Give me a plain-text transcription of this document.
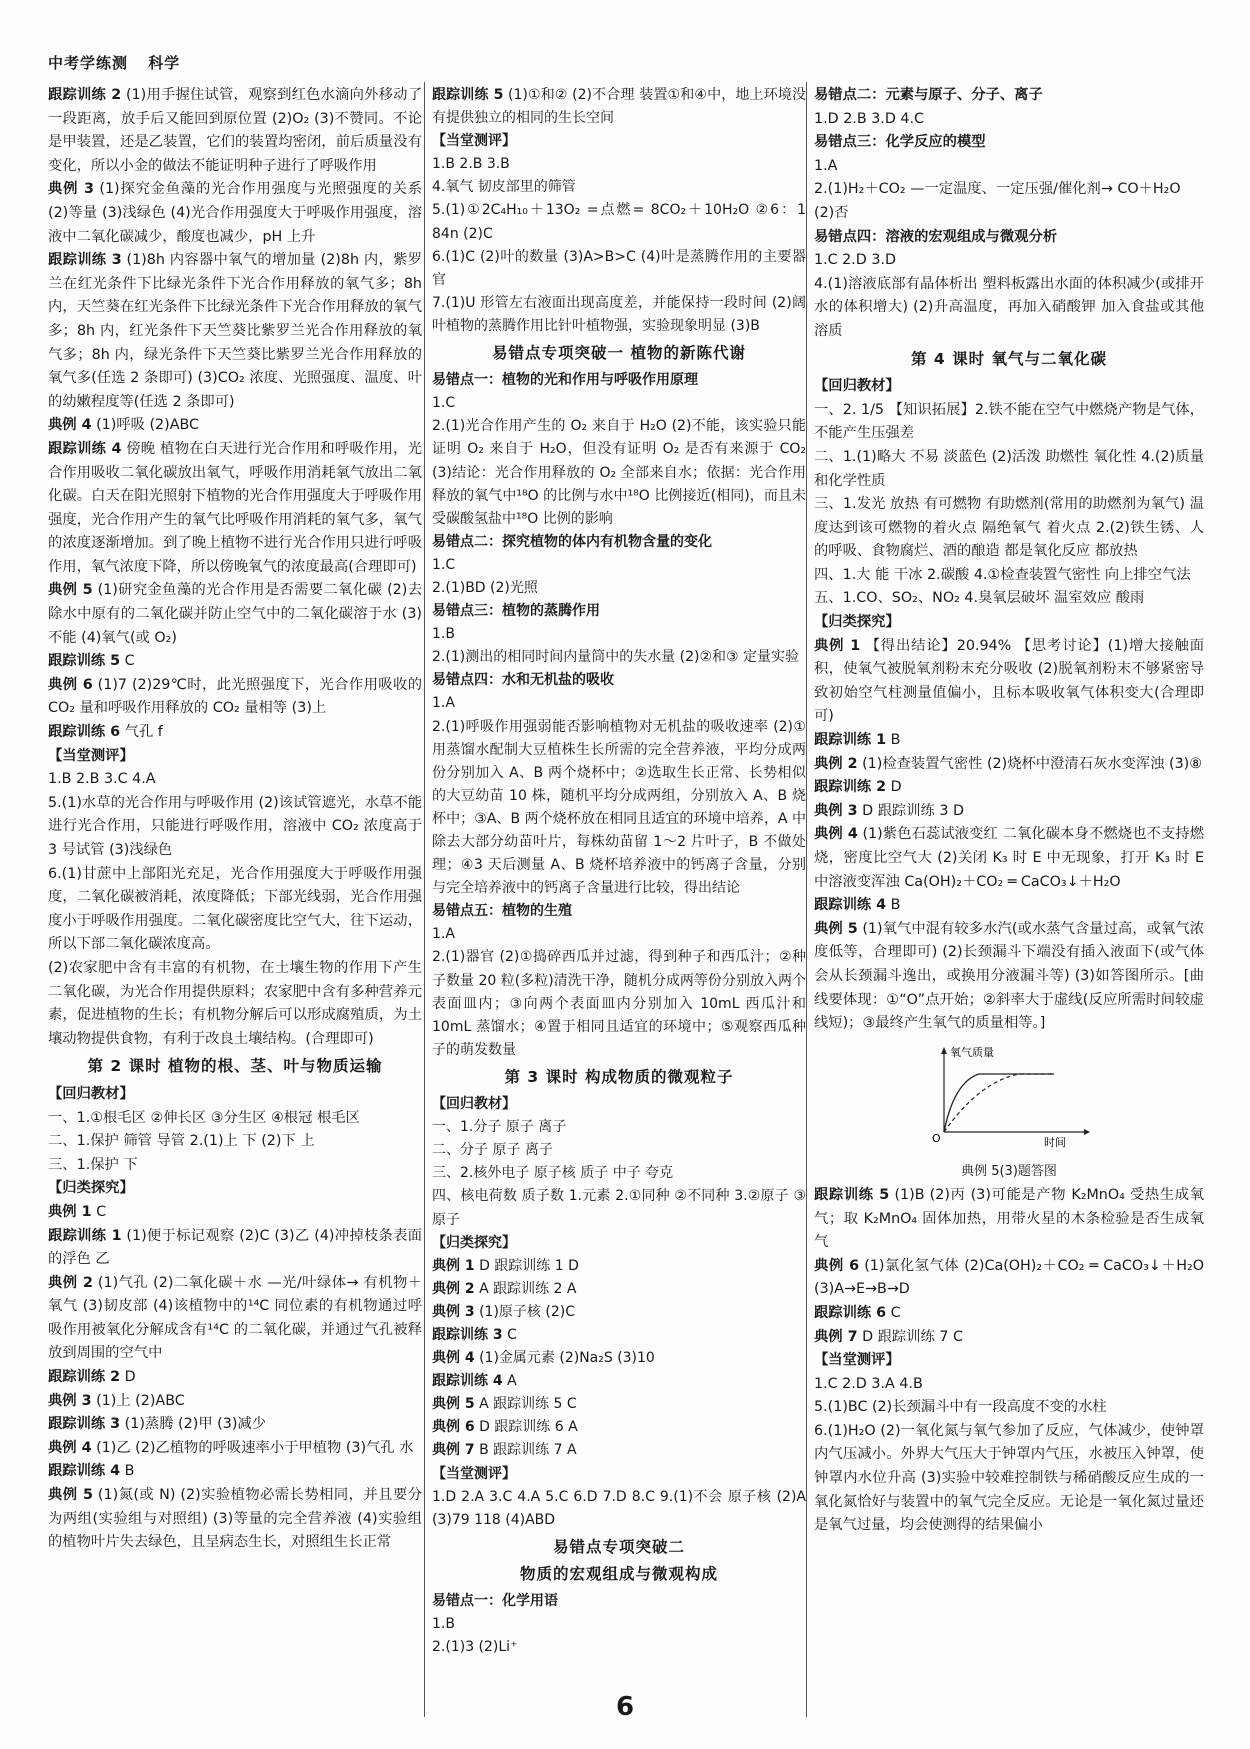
中考学练测 科学
跟踪训练 2 (1)用手握住试管，观察到红色水滴向外移动了一段距离，放手后又能回到原位置 (2)O₂ (3)不赞同。不论是甲装置，还是乙装置，它们的装置均密闭，前后质量没有变化，所以小金的做法不能证明种子进行了呼吸作用
典例 3 (1)探究金鱼藻的光合作用强度与光照强度的关系 (2)等量 (3)浅绿色 (4)光合作用强度大于呼吸作用强度，溶液中二氧化碳减少，酸度也减少，pH 上升
跟踪训练 3 (1)8h 内容器中氧气的增加量 (2)8h 内，紫罗兰在红光条件下比绿光条件下光合作用释放的氧气多；8h 内，天竺葵在红光条件下比绿光条件下光合作用释放的氧气多；8h 内，红光条件下天竺葵比紫罗兰光合作用释放的氧气多；8h 内，绿光条件下天竺葵比紫罗兰光合作用释放的氧气多(任选 2 条即可) (3)CO₂ 浓度、光照强度、温度、叶的幼嫩程度等(任选 2 条即可)
典例 4 (1)呼吸 (2)ABC
跟踪训练 4 傍晚 植物在白天进行光合作用和呼吸作用，光合作用吸收二氧化碳放出氧气，呼吸作用消耗氧气放出二氧化碳。白天在阳光照射下植物的光合作用强度大于呼吸作用强度，光合作用产生的氧气比呼吸作用消耗的氧气多，氧气的浓度逐渐增加。到了晚上植物不进行光合作用只进行呼吸作用，氧气浓度下降，所以傍晚氧气的浓度最高(合理即可)
典例 5 (1)研究金鱼藻的光合作用是否需要二氧化碳 (2)去除水中原有的二氧化碳并防止空气中的二氧化碳溶于水 (3)不能 (4)氧气(或 O₂)
跟踪训练 5 C
典例 6 (1)7 (2)29℃时，此光照强度下，光合作用吸收的 CO₂ 量和呼吸作用释放的 CO₂ 量相等 (3)上
跟踪训练 6 气孔 f
【当堂测评】
1.B 2.B 3.C 4.A
5.(1)水草的光合作用与呼吸作用 (2)该试管遮光，水草不能进行光合作用，只能进行呼吸作用，溶液中 CO₂ 浓度高于 3 号试管 (3)浅绿色
6.(1)甘蔗中上部阳光充足，光合作用强度大于呼吸作用强度，二氧化碳被消耗，浓度降低；下部光线弱，光合作用强度小于呼吸作用强度。二氧化碳密度比空气大，往下运动，所以下部二氧化碳浓度高。
(2)农家肥中含有丰富的有机物，在土壤生物的作用下产生二氧化碳，为光合作用提供原料；农家肥中含有多种营养元素，促进植物的生长；有机物分解后可以形成腐殖质，为土壤动物提供食物，有利于改良土壤结构。(合理即可)
第 2 课时 植物的根、茎、叶与物质运输
【回归教材】
一、1.①根毛区 ②伸长区 ③分生区 ④根冠 根毛区
二、1.保护 筛管 导管 2.(1)上 下 (2)下 上
三、1.保护 下
【归类探究】
典例 1 C
跟踪训练 1 (1)便于标记观察 (2)C (3)乙 (4)冲掉枝条表面的浮色 乙
典例 2 (1)气孔 (2)二氧化碳＋水 —光/叶绿体→ 有机物＋氧气 (3)韧皮部 (4)该植物中的¹⁴C 同位素的有机物通过呼吸作用被氧化分解成含有¹⁴C 的二氧化碳，并通过气孔被释放到周围的空气中
跟踪训练 2 D
典例 3 (1)上 (2)ABC
跟踪训练 3 (1)蒸腾 (2)甲 (3)减少
典例 4 (1)乙 (2)乙植物的呼吸速率小于甲植物 (3)气孔 水
跟踪训练 4 B
典例 5 (1)氮(或 N) (2)实验植物必需长势相同，并且要分为两组(实验组与对照组) (3)等量的完全营养液 (4)实验组的植物叶片失去绿色，且呈病态生长，对照组生长正常
跟踪训练 5 (1)①和② (2)不合理 装置①和④中，地上环境没有提供独立的相同的生长空间
【当堂测评】
1.B 2.B 3.B
4.氧气 韧皮部里的筛管
5.(1)①2C₄H₁₀＋13O₂ =点燃= 8CO₂＋10H₂O ②6：1 84n (2)C
6.(1)C (2)叶的数量 (3)A>B>C (4)叶是蒸腾作用的主要器官
7.(1)U 形管左右液面出现高度差，并能保持一段时间 (2)阔叶植物的蒸腾作用比针叶植物强，实验现象明显 (3)B
易错点专项突破一 植物的新陈代谢
易错点一：植物的光和作用与呼吸作用原理
1.C
2.(1)光合作用产生的 O₂ 来自于 H₂O (2)不能，该实验只能证明 O₂ 来自于 H₂O，但没有证明 O₂ 是否有来源于 CO₂ (3)结论：光合作用释放的 O₂ 全部来自水；依据：光合作用释放的氧气中¹⁸O 的比例与水中¹⁸O 比例接近(相同)，而且未受碳酸氢盐中¹⁸O 比例的影响
易错点二：探究植物的体内有机物含量的变化
1.C
2.(1)BD (2)光照
易错点三：植物的蒸腾作用
1.B
2.(1)测出的相同时间内量筒中的失水量 (2)②和③ 定量实验
易错点四：水和无机盐的吸收
1.A
2.(1)呼吸作用强弱能否影响植物对无机盐的吸收速率 (2)①用蒸馏水配制大豆植株生长所需的完全营养液，平均分成两份分别加入 A、B 两个烧杯中；②选取生长正常、长势相似的大豆幼苗 10 株，随机平均分成两组，分别放入 A、B 烧杯中；③A、B 两个烧杯放在相同且适宜的环境中培养，A 中除去大部分幼苗叶片，每株幼苗留 1～2 片叶子，B 不做处理；④3 天后测量 A、B 烧杯培养液中的钙离子含量，分别与完全培养液中的钙离子含量进行比较，得出结论
易错点五：植物的生殖
1.A
2.(1)器官 (2)①捣碎西瓜并过滤，得到种子和西瓜汁；②种子数量 20 粒(多粒)清洗干净，随机分成两等份分别放入两个表面皿内；③向两个表面皿内分别加入 10mL 西瓜汁和 10mL 蒸馏水；④置于相同且适宜的环境中；⑤观察西瓜种子的萌发数量
第 3 课时 构成物质的微观粒子
【回归教材】
一、1.分子 原子 离子
二、分子 原子 离子
三、2.核外电子 原子核 质子 中子 夸克
四、核电荷数 质子数 1.元素 2.①同种 ②不同种 3.②原子 ③原子
【归类探究】
典例 1 D 跟踪训练 1 D
典例 2 A 跟踪训练 2 A
典例 3 (1)原子核 (2)C
跟踪训练 3 C
典例 4 (1)金属元素 (2)Na₂S (3)10
跟踪训练 4 A
典例 5 A 跟踪训练 5 C
典例 6 D 跟踪训练 6 A
典例 7 B 跟踪训练 7 A
【当堂测评】
1.D 2.A 3.C 4.A 5.C 6.D 7.D 8.C 9.(1)不会 原子核 (2)A (3)79 118 (4)ABD
易错点专项突破二
物质的宏观组成与微观构成
易错点一：化学用语
1.B
2.(1)3 (2)Li⁺
易错点二：元素与原子、分子、离子
1.D 2.B 3.D 4.C
易错点三：化学反应的模型
1.A
2.(1)H₂＋CO₂ —一定温度、一定压强/催化剂→ CO＋H₂O
(2)否
易错点四：溶液的宏观组成与微观分析
1.C 2.D 3.D
4.(1)溶液底部有晶体析出 塑料板露出水面的体积减少(或排开水的体积增大) (2)升高温度，再加入硝酸钾 加入食盐或其他溶质
第 4 课时 氧气与二氧化碳
【回归教材】
一、2. 1/5 【知识拓展】2.铁不能在空气中燃烧产物是气体，不能产生压强差
二、1.(1)略大 不易 淡蓝色 (2)活泼 助燃性 氧化性 4.(2)质量和化学性质
三、1.发光 放热 有可燃物 有助燃剂(常用的助燃剂为氧气) 温度达到该可燃物的着火点 隔绝氧气 着火点 2.(2)铁生锈、人的呼吸、食物腐烂、酒的酿造 都是氧化反应 都放热
四、1.大 能 干冰 2.碳酸 4.①检查装置气密性 向上排空气法
五、1.CO、SO₂、NO₂ 4.臭氧层破坏 温室效应 酸雨
【归类探究】
典例 1 【得出结论】20.94% 【思考讨论】(1)增大接触面积，使氧气被脱氧剂粉末充分吸收 (2)脱氧剂粉末不够紧密导致初始空气柱测量值偏小，且标本吸收氧气体积变大(合理即可)
跟踪训练 1 B
典例 2 (1)检查装置气密性 (2)烧杯中澄清石灰水变浑浊 (3)⑧
跟踪训练 2 D
典例 3 D 跟踪训练 3 D
典例 4 (1)紫色石蕊试液变红 二氧化碳本身不燃烧也不支持燃烧，密度比空气大 (2)关闭 K₃ 时 E 中无现象，打开 K₃ 时 E 中溶液变浑浊 Ca(OH)₂＋CO₂ ═ CaCO₃↓＋H₂O
跟踪训练 4 B
典例 5 (1)氧气中混有较多水汽(或水蒸气含量过高，或氧气浓度低等，合理即可) (2)长颈漏斗下端没有插入液面下(或气体会从长颈漏斗逸出，或换用分液漏斗等) (3)如答图所示。[曲线要体现：①“O”点开始；②斜率大于虚线(反应所需时间较虚线短)；③最终产生氧气的质量相等。]
氧气质量
时间
O
典例 5(3)题答图
跟踪训练 5 (1)B (2)丙 (3)可能是产物 K₂MnO₄ 受热生成氧气；取 K₂MnO₄ 固体加热，用带火星的木条检验是否生成氧气
典例 6 (1)氯化氢气体 (2)Ca(OH)₂＋CO₂ ═ CaCO₃↓＋H₂O (3)A→E→B→D
跟踪训练 6 C
典例 7 D 跟踪训练 7 C
【当堂测评】
1.C 2.D 3.A 4.B
5.(1)BC (2)长颈漏斗中有一段高度不变的水柱
6.(1)H₂O (2)一氧化氮与氧气参加了反应，气体减少，使钟罩内气压减小。外界大气压大于钟罩内气压，水被压入钟罩，使钟罩内水位升高 (3)实验中较难控制铁与稀硝酸反应生成的一氧化氮恰好与装置中的氧气完全反应。无论是一氧化氮过量还是氧气过量，均会使测得的结果偏小
6
